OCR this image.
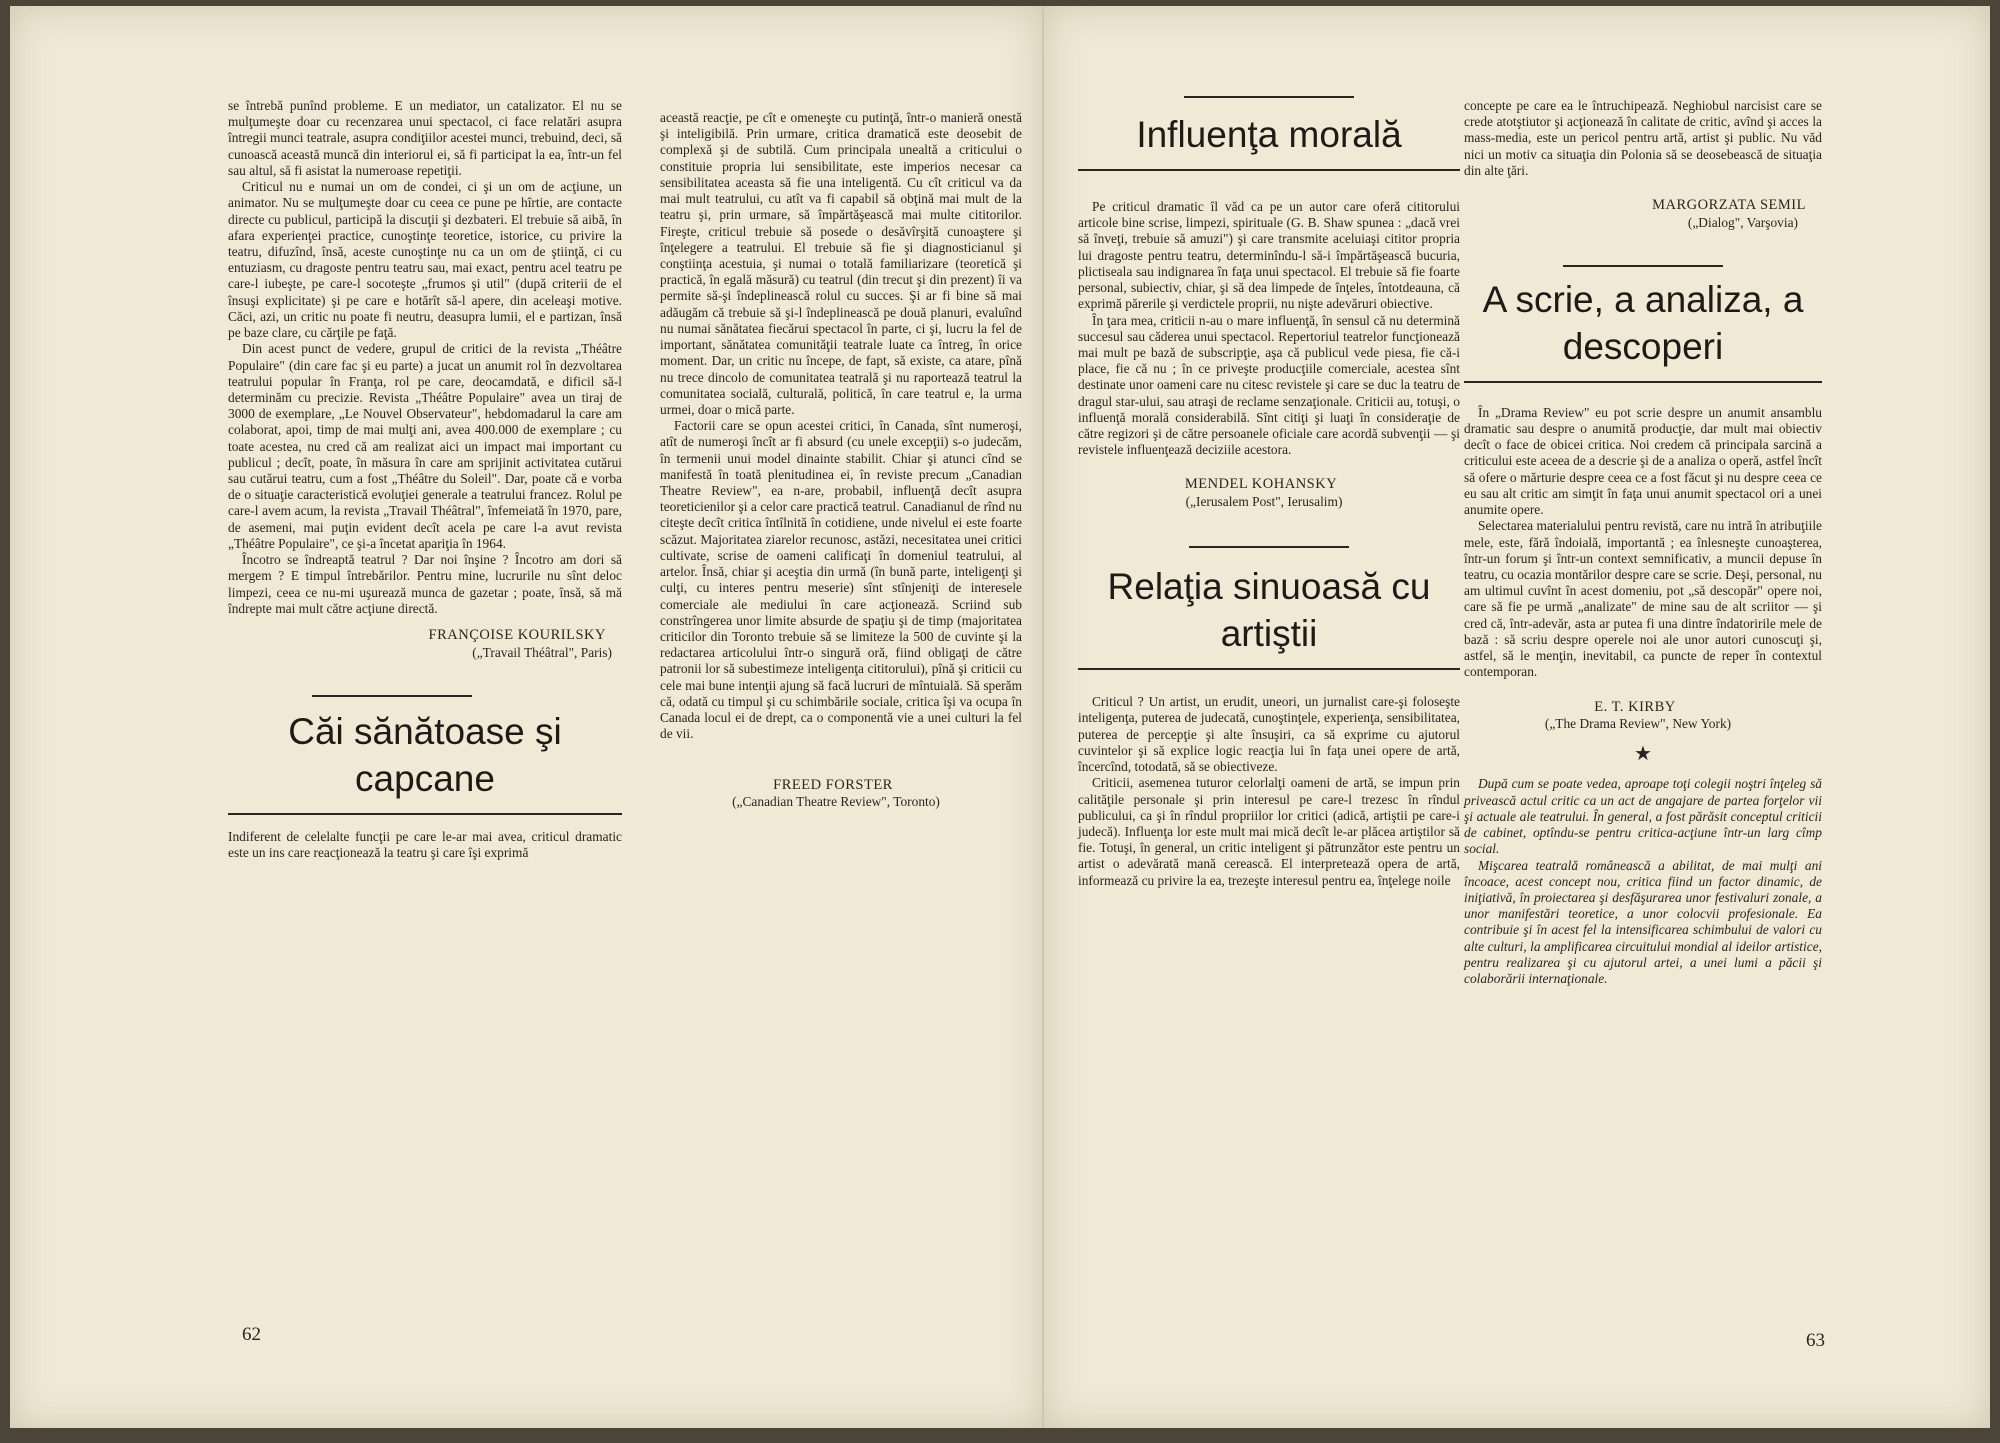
se întrebă punînd probleme. E un mediator, un catalizator. El nu se mulţumeşte doar cu recenzarea unui spectacol, ci face relatări asupra întregii munci teatrale, asupra condiţiilor acestei munci, trebuind, deci, să cunoască această muncă din interiorul ei, să fi participat la ea, într-un fel sau altul, să fi asistat la numeroase repetiţii.

Criticul nu e numai un om de condei, ci şi un om de acţiune, un animator. Nu se mulţumeşte doar cu ceea ce pune pe hîrtie, are contacte directe cu publicul, participă la discuţii şi dezbateri. El trebuie să aibă, în afara experienţei practice, cunoştinţe teoretice, istorice, cu privire la teatru, difuzînd, însă, aceste cunoştinţe nu ca un om de ştiinţă, ci cu entuziasm, cu dragoste pentru teatru sau, mai exact, pentru acel teatru pe care-l iubeşte, pe care-l socoteşte „frumos şi util" (după criterii de el însuşi explicitate) şi pe care e hotărît să-l apere, din aceleaşi motive. Căci, azi, un critic nu poate fi neutru, deasupra lumii, el e partizan, însă pe baze clare, cu cărţile pe faţă.

Din acest punct de vedere, grupul de critici de la revista „Théâtre Populaire" (din care fac şi eu parte) a jucat un anumit rol în dezvoltarea teatrului popular în Franţa, rol pe care, deocamdată, e dificil să-l determinăm cu precizie. Revista „Théâtre Populaire" avea un tiraj de 3000 de exemplare, „Le Nouvel Observateur", hebdomadarul la care am colaborat, apoi, timp de mai mulţi ani, avea 400.000 de exemplare ; cu toate acestea, nu cred că am realizat aici un impact mai important cu publicul ; decît, poate, în măsura în care am sprijinit activitatea cutărui sau cutărui teatru, cum a fost „Théâtre du Soleil". Dar, poate că e vorba de o situaţie caracteristică evoluţiei generale a teatrului francez. Rolul pe care-l avem acum, la revista „Travail Théâtral", înfemeiată în 1970, pare, de asemeni, mai puţin evident decît acela pe care l-a avut revista „Théâtre Populaire", ce şi-a încetat apariţia în 1964.

Încotro se îndreaptă teatrul ? Dar noi înşine ? Încotro am dori să mergem ? E timpul întrebărilor. Pentru mine, lucrurile nu sînt deloc limpezi, ceea ce nu-mi uşurează munca de gazetar ; poate, însă, să mă îndrepte mai mult către acţiune directă.

FRANÇOISE KOURILSKY
(„Travail Théâtral", Paris)
Căi sănătoase şi capcane

Indiferent de celelalte funcţii pe care le-ar mai avea, criticul dramatic este un ins care reacţionează la teatru şi care îşi exprimă

această reacţie, pe cît e omeneşte cu putinţă, într-o manieră onestă şi inteligibilă. Prin urmare, critica dramatică este deosebit de complexă şi de subtilă. Cum principala unealtă a criticului o constituie propria lui sensibilitate, este imperios necesar ca sensibilitatea aceasta să fie una inteligentă. Cu cît criticul va da mai mult teatrului, cu atît va fi capabil să obţină mai mult de la teatru şi, prin urmare, să împărtăşească mai multe cititorilor. Fireşte, criticul trebuie să posede o desăvîrşită cunoaştere şi înţelegere a teatrului. El trebuie să fie şi diagnosticianul şi conştiinţa acestuia, şi numai o totală familiarizare (teoretică şi practică, în egală măsură) cu teatrul (din trecut şi din prezent) îi va permite să-şi îndeplinească rolul cu succes. Şi ar fi bine să mai adăugăm că trebuie să şi-l îndeplinească pe două planuri, evaluînd nu numai sănătatea fiecărui spectacol în parte, ci şi, lucru la fel de important, sănătatea comunităţii teatrale luate ca întreg, în orice moment. Dar, un critic nu începe, de fapt, să existe, ca atare, pînă nu trece dincolo de comunitatea teatrală şi nu raportează teatrul la comunitatea socială, culturală, politică, în care teatrul e, la urma urmei, doar o mică parte.

Factorii care se opun acestei critici, în Canada, sînt numeroşi, atît de numeroşi încît ar fi absurd (cu unele excepţii) s-o judecăm, în termenii unui model dinainte stabilit. Chiar şi atunci cînd se manifestă în toată plenitudinea ei, în reviste precum „Canadian Theatre Review", ea n-are, probabil, influenţă decît asupra teoreticienilor şi a celor care practică teatrul. Canadianul de rînd nu citeşte decît critica întîlnită în cotidiene, unde nivelul ei este foarte scăzut. Majoritatea ziarelor recunosc, astăzi, necesitatea unei critici cultivate, scrise de oameni calificaţi în domeniul teatrului, al artelor. Însă, chiar şi aceştia din urmă (în bună parte, inteligenţi şi culţi, cu interes pentru meserie) sînt stînjeniţi de interesele comerciale ale mediului în care acţionează. Scriind sub constrîngerea unor limite absurde de spaţiu şi de timp (majoritatea criticilor din Toronto trebuie să se limiteze la 500 de cuvinte şi la redactarea articolului într-o singură oră, fiind obligaţi de către patronii lor să subestimeze inteligenţa cititorului), pînă şi criticii cu cele mai bune intenţii ajung să facă lucruri de mîntuială. Să sperăm că, odată cu timpul şi cu schimbările sociale, critica îşi va ocupa în Canada locul ei de drept, ca o componentă vie a unei culturi la fel de vii.

FREED FORSTER
(„Canadian Theatre Review", Toronto)
62
Influenţa morală

Pe criticul dramatic îl văd ca pe un autor care oferă cititorului articole bine scrise, limpezi, spirituale (G. B. Shaw spunea : „dacă vrei să înveţi, trebuie să amuzi") şi care transmite aceluiaşi cititor propria lui dragoste pentru teatru, determinîndu-l să-i împărtăşească bucuria, plictiseala sau indignarea în faţa unui spectacol. El trebuie să fie foarte personal, subiectiv, chiar, şi să dea limpede de înţeles, întotdeauna, că exprimă părerile şi verdictele proprii, nu nişte adevăruri obiective.

În ţara mea, criticii n-au o mare influenţă, în sensul că nu determină succesul sau căderea unui spectacol. Repertoriul teatrelor funcţionează mai mult pe bază de subscripţie, aşa că publicul vede piesa, fie că-i place, fie că nu ; în ce priveşte producţiile comerciale, acestea sînt destinate unor oameni care nu citesc revistele şi care se duc la teatru de dragul star-ului, sau atraşi de reclame senzaţionale. Criticii au, totuşi, o influenţă morală considerabilă. Sînt citiţi şi luaţi în consideraţie de către regizori şi de către persoanele oficiale care acordă subvenţii — şi revistele influenţează deciziile acestora.

MENDEL KOHANSKY
(„Ierusalem Post", Ierusalim)
Relaţia sinuoasă cu artiştii

Criticul ? Un artist, un erudit, uneori, un jurnalist care-şi foloseşte inteligenţa, puterea de judecată, cunoştinţele, experienţa, sensibilitatea, puterea de percepţie şi alte însuşiri, ca să exprime cu ajutorul cuvintelor şi să explice logic reacţia lui în faţa unei opere de artă, încercînd, totodată, să se obiectiveze.

Criticii, asemenea tuturor celorlalţi oameni de artă, se impun prin calităţile personale şi prin interesul pe care-l trezesc în rîndul publicului, ca şi în rîndul propriilor lor critici (adică, artiştii pe care-i judecă). Influenţa lor este mult mai mică decît le-ar plăcea artiştilor să fie. Totuşi, în general, un critic inteligent şi pătrunzător este pentru un artist o adevărată mană cerească. El interpretează opera de artă, informează cu privire la ea, trezeşte interesul pentru ea, înţelege noile

concepte pe care ea le întruchipează. Neghiobul narcisist care se crede atotştiutor şi acţionează în calitate de critic, avînd şi acces la mass-media, este un pericol pentru artă, artist şi public. Nu văd nici un motiv ca situaţia din Polonia să se deosebească de situaţia din alte ţări.

MARGORZATA SEMIL
(„Dialog", Varşovia)
A scrie, a analiza, a descoperi

În „Drama Review" eu pot scrie despre un anumit ansamblu dramatic sau despre o anumită producţie, dar mult mai obiectiv decît o face de obicei critica. Noi credem că principala sarcină a criticului este aceea de a descrie şi de a analiza o operă, astfel încît să ofere o mărturie despre ceea ce a fost făcut şi nu despre ceea ce eu sau alt critic am simţit în faţa unui anumit spectacol ori a unei anumite opere.

Selectarea materialului pentru revistă, care nu intră în atribuţiile mele, este, fără îndoială, importantă ; ea înlesneşte cunoaşterea, într-un forum şi într-un context semnificativ, a muncii depuse în teatru, cu ocazia montărilor despre care se scrie. Deşi, personal, nu am ultimul cuvînt în acest domeniu, pot „să descopăr" opere noi, care să fie pe urmă „analizate" de mine sau de alt scriitor — şi cred că, într-adevăr, asta ar putea fi una dintre îndatoririle mele de bază : să scriu despre operele noi ale unor autori cunoscuţi şi, astfel, să le menţin, inevitabil, ca puncte de reper în contextul contemporan.

E. T. KIRBY
(„The Drama Review", New York)
★

După cum se poate vedea, aproape toţi colegii noştri înţeleg să privească actul critic ca un act de angajare de partea forţelor vii şi actuale ale teatrului. În general, a fost părăsit conceptul criticii de cabinet, optîndu-se pentru critica-acţiune într-un larg cîmp social.

Mişcarea teatrală românească a abilitat, de mai mulţi ani încoace, acest concept nou, critica fiind un factor dinamic, de iniţiativă, în proiectarea şi desfăşurarea unor festivaluri zonale, a unor manifestări teoretice, a unor colocvii profesionale. Ea contribuie şi în acest fel la intensificarea schimbului de valori cu alte culturi, la amplificarea circuitului mondial al ideilor artistice, pentru realizarea şi cu ajutorul artei, a unei lumi a păcii şi colaborării internaţionale.

63
